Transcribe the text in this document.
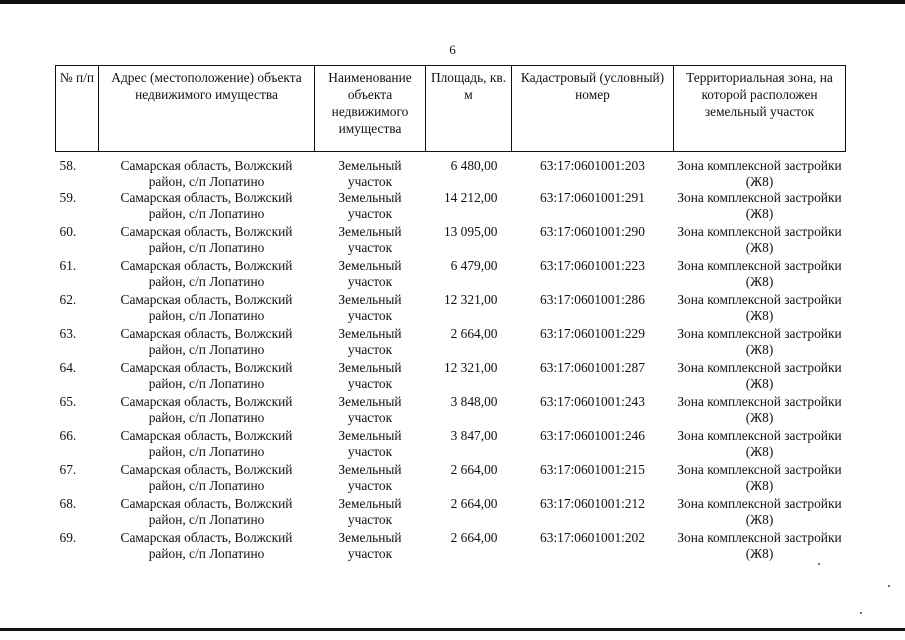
6
№ п/п	Адрес (местоположение) объекта недвижимого имущества	Наименование объекта недвижимого имущества	Площадь, кв. м	Кадастровый (условный) номер	Территориальная зона, на которой расположен земельный участок
58.	Самарская область, Волжский район, с/п Лопатино	Земельный участок	6 480,00	63:17:0601001:203	Зона комплексной застройки (Ж8)
59.	Самарская область, Волжский район, с/п Лопатино	Земельный участок	14 212,00	63:17:0601001:291	Зона комплексной застройки (Ж8)
60.	Самарская область, Волжский район, с/п Лопатино	Земельный участок	13 095,00	63:17:0601001:290	Зона комплексной застройки (Ж8)
61.	Самарская область, Волжский район, с/п Лопатино	Земельный участок	6 479,00	63:17:0601001:223	Зона комплексной застройки (Ж8)
62.	Самарская область, Волжский район, с/п Лопатино	Земельный участок	12 321,00	63:17:0601001:286	Зона комплексной застройки (Ж8)
63.	Самарская область, Волжский район, с/п Лопатино	Земельный участок	2 664,00	63:17:0601001:229	Зона комплексной застройки (Ж8)
64.	Самарская область, Волжский район, с/п Лопатино	Земельный участок	12 321,00	63:17:0601001:287	Зона комплексной застройки (Ж8)
65.	Самарская область, Волжский район, с/п Лопатино	Земельный участок	3 848,00	63:17:0601001:243	Зона комплексной застройки (Ж8)
66.	Самарская область, Волжский район, с/п Лопатино	Земельный участок	3 847,00	63:17:0601001:246	Зона комплексной застройки (Ж8)
67.	Самарская область, Волжский район, с/п Лопатино	Земельный участок	2 664,00	63:17:0601001:215	Зона комплексной застройки (Ж8)
68.	Самарская область, Волжский район, с/п Лопатино	Земельный участок	2 664,00	63:17:0601001:212	Зона комплексной застройки (Ж8)
69.	Самарская область, Волжский район, с/п Лопатино	Земельный участок	2 664,00	63:17:0601001:202	Зона комплексной застройки (Ж8)
